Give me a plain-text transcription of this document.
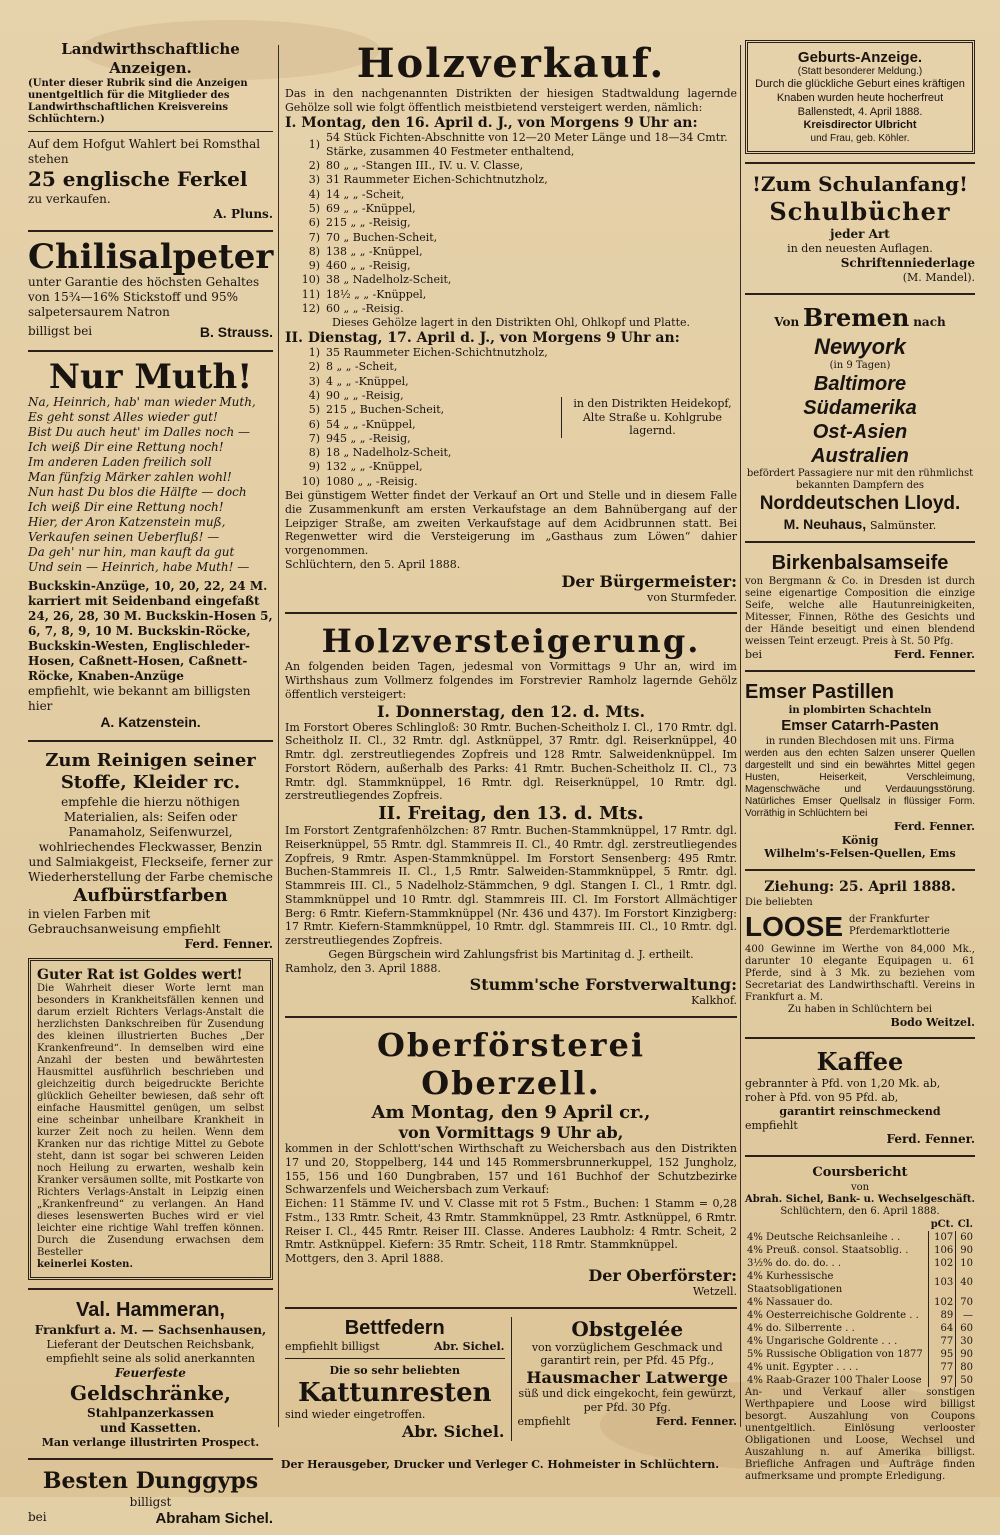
Landwirthschaftliche Anzeigen.
(Unter dieser Rubrik sind die Anzeigen unentgeltlich für die Mitglieder des Landwirthschaftlichen Kreisvereins Schlüchtern.)
Auf dem Hofgut Wahlert bei Romsthal stehen
25 englische Ferkel
zu verkaufen.
A. Pluns.
Chilisalpeter
unter Garantie des höchsten Gehaltes von 15¾—16% Stickstoff und 95% salpetersaurem Natron
billigst bei	B. Strauss.
Nur Muth!
Na, Heinrich, hab' man wieder Muth,
Es geht sonst Alles wieder gut!
Bist Du auch heut' im Dalles noch —
Ich weiß Dir eine Rettung noch!
Im anderen Laden freilich soll
Man fünfzig Märker zahlen wohl!
Nun hast Du blos die Hälfte — doch
Ich weiß Dir eine Rettung noch!
Hier, der Aron Katzenstein muß,
Verkaufen seinen Ueberfluß! —
Da geh' nur hin, man kauft da gut
Und sein — Heinrich, habe Muth! —
Buckskin-Anzüge, 10, 20, 22, 24 M. karriert mit Seidenband eingefaßt 24, 26, 28, 30 M. Buckskin-Hosen 5, 6, 7, 8, 9, 10 M. Buckskin-Röcke, Buckskin-Westen, Englischleder-Hosen, Caßnett-Hosen, Caßnett-Röcke, Knaben-Anzüge
empfiehlt, wie bekannt am billigsten hier
A. Katzenstein.
Zum Reinigen seiner Stoffe, Kleider rc.
empfehle die hierzu nöthigen Materialien, als: Seifen oder Panamaholz, Seifenwurzel, wohlriechendes Fleckwasser, Benzin und Salmiakgeist, Fleckseife, ferner zur Wiederherstellung der Farbe chemische
Aufbürstfarben
in vielen Farben mit Gebrauchsanweisung empfiehlt
Ferd. Fenner.
Guter Rat ist Goldes wert!
Die Wahrheit dieser Worte lernt man besonders in Krankheitsfällen kennen und darum erzielt Richters Verlags-Anstalt die herzlichsten Dankschreiben für Zusendung des kleinen illustrierten Buches „Der Krankenfreund“. In demselben wird eine Anzahl der besten und bewährtesten Hausmittel ausführlich beschrieben und gleichzeitig durch beigedruckte Berichte glücklich Geheilter bewiesen, daß sehr oft einfache Hausmittel genügen, um selbst eine scheinbar unheilbare Krankheit in kurzer Zeit noch zu heilen. Wenn dem Kranken nur das richtige Mittel zu Gebote steht, dann ist sogar bei schweren Leiden noch Heilung zu erwarten, weshalb kein Kranker versäumen sollte, mit Postkarte von Richters Verlags-Anstalt in Leipzig einen „Krankenfreund“ zu verlangen. An Hand dieses lesenswerten Buches wird er viel leichter eine richtige Wahl treffen können. Durch die Zusendung erwachsen dem Besteller
keinerlei Kosten.
Val. Hammeran,
Frankfurt a. M. — Sachsenhausen,
Lieferant der Deutschen Reichsbank, empfiehlt seine als solid anerkannten
Feuerfeste
Geldschränke,
Stahlpanzerkassen
und Kassetten.
Man verlange illustrirten Prospect.
Besten Dunggyps
billigst
bei	Abraham Sichel.
Holzverkauf.
Das in den nachgenannten Distrikten der hiesigen Stadtwaldung lagernde Gehölze soll wie folgt öffentlich meistbietend versteigert werden, nämlich:
I. Montag, den 16. April d. J., von Morgens 9 Uhr an:
1)	54 Stück Fichten-Abschnitte von 12—20 Meter Länge und 18—34 Cmtr. Stärke, zusammen 40 Festmeter enthaltend,
2)	80 „ „ -Stangen III., IV. u. V. Classe,
3)	31 Raummeter Eichen-Schichtnutzholz,
4)	14 „ „ -Scheit,
5)	69 „ „ -Knüppel,
6)	215 „ „ -Reisig,
7)	70 „ Buchen-Scheit,
8)	138 „ „ -Knüppel,
9)	460 „ „ -Reisig,
10)	38 „ Nadelholz-Scheit,
11)	18½ „ „ -Knüppel,
12)	60 „ „ -Reisig.
Dieses Gehölze lagert in den Distrikten Ohl, Ohlkopf und Platte.
II. Dienstag, 17. April d. J., von Morgens 9 Uhr an:
1)	35 Raummeter Eichen-Schichtnutzholz,
2)	8 „ „ -Scheit,
3)	4 „ „ -Knüppel,
4)	90 „ „ -Reisig,
5)	215 „ Buchen-Scheit,
6)	54 „ „ -Knüppel,
7)	945 „ „ -Reisig,
8)	18 „ Nadelholz-Scheit,
9)	132 „ „ -Knüppel,
10)	1080 „ „ -Reisig.
in den Distrikten Heidekopf, Alte Straße u. Kohlgrube lagernd.
Bei günstigem Wetter findet der Verkauf an Ort und Stelle und in diesem Falle die Zusammenkunft am ersten Verkaufstage an dem Bahnübergang auf der Leipziger Straße, am zweiten Verkaufstage auf dem Acidbrunnen statt. Bei Regenwetter wird die Versteigerung im „Gasthaus zum Löwen“ dahier vorgenommen.
Schlüchtern, den 5. April 1888.
Der Bürgermeister:
von Sturmfeder.
Holzversteigerung.
An folgenden beiden Tagen, jedesmal von Vormittags 9 Uhr an, wird im Wirthshaus zum Vollmerz folgendes im Forstrevier Ramholz lagernde Gehölz öffentlich versteigert:
I. Donnerstag, den 12. d. Mts.
Im Forstort Oberes Schlingloß: 30 Rmtr. Buchen-Scheitholz I. Cl., 170 Rmtr. dgl. Scheitholz II. Cl., 32 Rmtr. dgl. Astknüppel, 37 Rmtr. dgl. Reiserknüppel, 40 Rmtr. dgl. zerstreutliegendes Zopfreis und 128 Rmtr. Salweidenknüppel. Im Forstort Rödern, außerhalb des Parks: 41 Rmtr. Buchen-Scheitholz II. Cl., 73 Rmtr. dgl. Stammknüppel, 16 Rmtr. dgl. Reiserknüppel, 10 Rmtr. dgl. zerstreutliegendes Zopfreis.
II. Freitag, den 13. d. Mts.
Im Forstort Zentgrafenhölzchen: 87 Rmtr. Buchen-Stammknüppel, 17 Rmtr. dgl. Reiserknüppel, 55 Rmtr. dgl. Stammreis II. Cl., 40 Rmtr. dgl. zerstreutliegendes Zopfreis, 9 Rmtr. Aspen-Stammknüppel. Im Forstort Sensenberg: 495 Rmtr. Buchen-Stammreis II. Cl., 1,5 Rmtr. Salweiden-Stammknüppel, 5 Rmtr. dgl. Stammreis III. Cl., 5 Nadelholz-Stämmchen, 9 dgl. Stangen I. Cl., 1 Rmtr. dgl. Stammknüppel und 10 Rmtr. dgl. Stammreis III. Cl. Im Forstort Allmächtiger Berg: 6 Rmtr. Kiefern-Stammknüppel (Nr. 436 und 437). Im Forstort Kinzigberg: 17 Rmtr. Kiefern-Stammknüppel, 10 Rmtr. dgl. Stammreis III. Cl., 10 Rmtr. dgl. zerstreutliegendes Zopfreis.
Gegen Bürgschein wird Zahlungsfrist bis Martinitag d. J. ertheilt.
Ramholz, den 3. April 1888.
Stumm'sche Forstverwaltung:
Kalkhof.
Oberförsterei Oberzell.
Am Montag, den 9 April cr.,
von Vormittags 9 Uhr ab,
kommen in der Schlott'schen Wirthschaft zu Weichersbach aus den Distrikten 17 und 20, Stoppelberg, 144 und 145 Rommersbrunnerkuppel, 152 Jungholz, 155, 156 und 160 Dungbraben, 157 und 161 Buchhof der Schutzbezirke Schwarzenfels und Weichersbach zum Verkauf:
Eichen: 11 Stämme IV. und V. Classe mit rot 5 Fstm., Buchen: 1 Stamm = 0,28 Fstm., 133 Rmtr. Scheit, 43 Rmtr. Stammknüppel, 23 Rmtr. Astknüppel, 6 Rmtr. Reiser I. Cl., 445 Rmtr. Reiser III. Classe. Anderes Laubholz: 4 Rmtr. Scheit, 2 Rmtr. Astknüppel. Kiefern: 35 Rmtr. Scheit, 118 Rmtr. Stammknüppel.
Mottgers, den 3. April 1888.
Der Oberförster:
Wetzell.
Bettfedern
empfiehlt billigst	Abr. Sichel.
Die so sehr beliebten
Kattunresten
sind wieder eingetroffen.
Abr. Sichel.
Obstgelée
von vorzüglichem Geschmack und garantirt rein, per Pfd. 45 Pfg.,
Hausmacher Latwerge
süß und dick eingekocht, fein gewürzt, per Pfd. 30 Pfg.
empfiehlt	Ferd. Fenner.
Geburts-Anzeige.
(Statt besonderer Meldung.)
Durch die glückliche Geburt eines kräftigen Knaben wurden heute hocherfreut
Ballenstedt, 4. April 1888.
Kreisdirector Ulbricht
und Frau, geb. Köhler.
!Zum Schulanfang!
Schulbücher
jeder Art
in den neuesten Auflagen.
Schriftenniederlage
(M. Mandel).
Von Bremen nach
Newyork
(in 9 Tagen)
Baltimore
Südamerika
Ost-Asien
Australien
befördert Passagiere nur mit den rühmlichst bekannten Dampfern des
Norddeutschen Lloyd.
M. Neuhaus, Salmünster.
Birkenbalsamseife
von Bergmann & Co. in Dresden ist durch seine eigenartige Composition die einzige Seife, welche alle Hautunreinigkeiten, Mitesser, Finnen, Röthe des Gesichts und der Hände beseitigt und einen blendend weissen Teint erzeugt. Preis à St. 50 Pfg.
bei	Ferd. Fenner.
Emser Pastillen
in plombirten Schachteln
Emser Catarrh-Pasten
in runden Blechdosen mit uns. Firma
werden aus den echten Salzen unserer Quellen dargestellt und sind ein bewährtes Mittel gegen Husten, Heiserkeit, Verschleimung, Magenschwäche und Verdauungsstörung. Natürliches Emser Quellsalz in flüssiger Form. Vorräthig in Schlüchtern bei
Ferd. Fenner.
König
Wilhelm's-Felsen-Quellen, Ems
Ziehung: 25. April 1888.
Die beliebten
LOOSE der Frankfurter Pferdemarktlotterie
400 Gewinne im Werthe von 84,000 Mk., darunter 10 elegante Equipagen u. 61 Pferde, sind à 3 Mk. zu beziehen vom Secretariat des Landwirthschaftl. Vereins in Frankfurt a. M.
Zu haben in Schlüchtern bei
Bodo Weitzel.
Kaffee
gebrannter à Pfd. von 1,20 Mk. ab,
roher à Pfd. von 95 Pfd. ab,
garantirt reinschmeckend
empfiehlt
Ferd. Fenner.
Coursbericht
von
Abrah. Sichel, Bank- u. Wechselgeschäft.
Schlüchtern, den 6. April 1888.
	pCt.	Cl.
4% Deutsche Reichsanleihe . .	107	60
4% Preuß. consol. Staatsoblig. .	106	90
3½% do. do. do. . .	102	10
4% Kurhessische Staatsobligationen	103	40
4% Nassauer do.	102	70
4% Oesterreichische Goldrente . .	89	—
4% do. Silberrente . .	64	60
4% Ungarische Goldrente . . .	77	30
5% Russische Obligation von 1877	95	90
4% unit. Egypter . . . .	77	80
4% Raab-Grazer 100 Thaler Loose	97	50
An- und Verkauf aller sonstigen Werthpapiere und Loose wird billigst besorgt. Auszahlung von Coupons unentgeltlich. Einlösung verlooster Obligationen und Loose, Wechsel und Auszahlung n. auf Amerika billigst. Briefliche Anfragen und Aufträge finden aufmerksame und prompte Erledigung.
Der Herausgeber, Drucker und Verleger C. Hohmeister in Schlüchtern.
